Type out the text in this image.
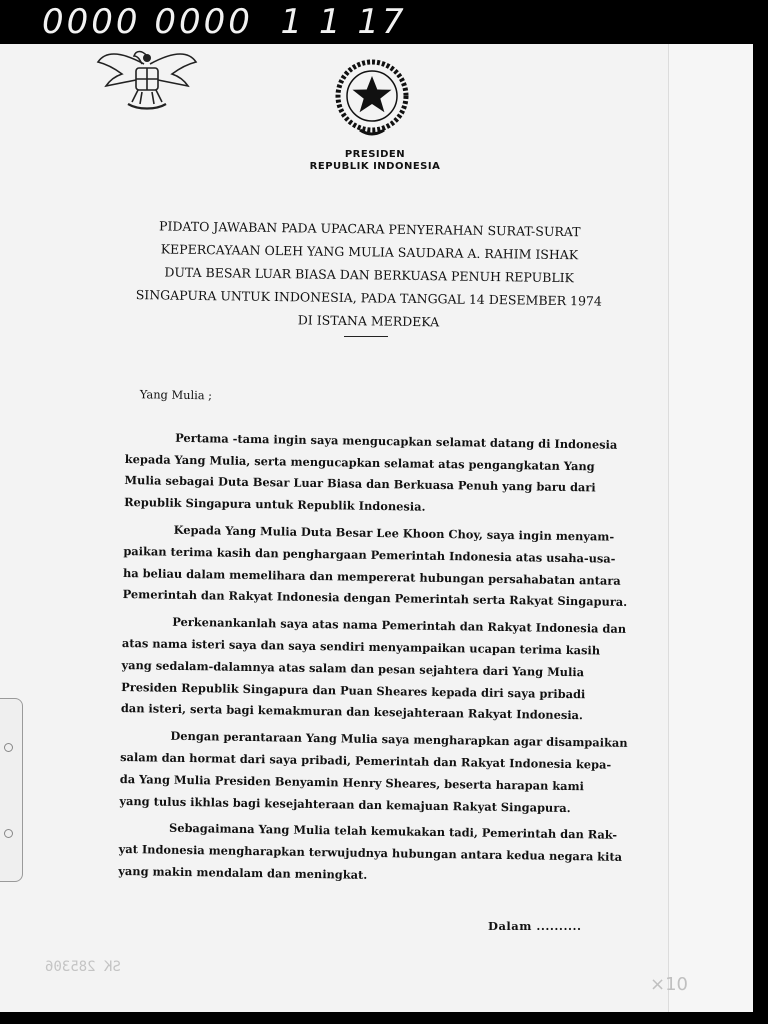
0000 0000  1 1 17
PRESIDEN
REPUBLIK INDONESIA
PIDATO JAWABAN PADA UPACARA PENYERAHAN SURAT-SURAT
KEPERCAYAAN OLEH YANG MULIA SAUDARA A. RAHIM ISHAK
DUTA BESAR LUAR BIASA DAN BERKUASA PENUH REPUBLIK
SINGAPURA UNTUK INDONESIA, PADA TANGGAL 14 DESEMBER 1974
DI ISTANA MERDEKA
Yang Mulia ;
Pertama -tama ingin saya mengucapkan selamat datang di Indonesia
kepada Yang Mulia, serta mengucapkan selamat atas pengangkatan Yang
Mulia sebagai Duta Besar Luar Biasa dan Berkuasa Penuh yang baru dari
Republik Singapura untuk Republik Indonesia.
Kepada Yang Mulia Duta Besar Lee Khoon Choy, saya ingin menyam-
paikan terima kasih dan penghargaan Pemerintah Indonesia atas usaha-usa-
ha beliau dalam memelihara dan mempererat hubungan persahabatan antara
Pemerintah dan Rakyat Indonesia dengan Pemerintah serta Rakyat Singapura.
Perkenankanlah saya atas nama Pemerintah dan Rakyat Indonesia dan
atas nama isteri saya dan saya sendiri menyampaikan ucapan terima kasih
yang sedalam-dalamnya atas salam dan pesan sejahtera dari Yang Mulia
Presiden Republik Singapura dan Puan Sheares kepada diri saya pribadi
dan isteri, serta bagi kemakmuran dan kesejahteraan Rakyat Indonesia.
Dengan perantaraan Yang Mulia saya mengharapkan agar disampaikan
salam dan hormat dari saya pribadi, Pemerintah dan Rakyat Indonesia kepa-
da Yang Mulia Presiden Benyamin Henry Sheares, beserta harapan kami
yang tulus ikhlas bagi kesejahteraan dan kemajuan Rakyat Singapura.
Sebagaimana Yang Mulia telah kemukakan tadi, Pemerintah dan Rak-
yat Indonesia mengharapkan terwujudnya hubungan antara kedua negara kita
yang makin mendalam dan meningkat.
Dalam ..........
SK 285306
×10
